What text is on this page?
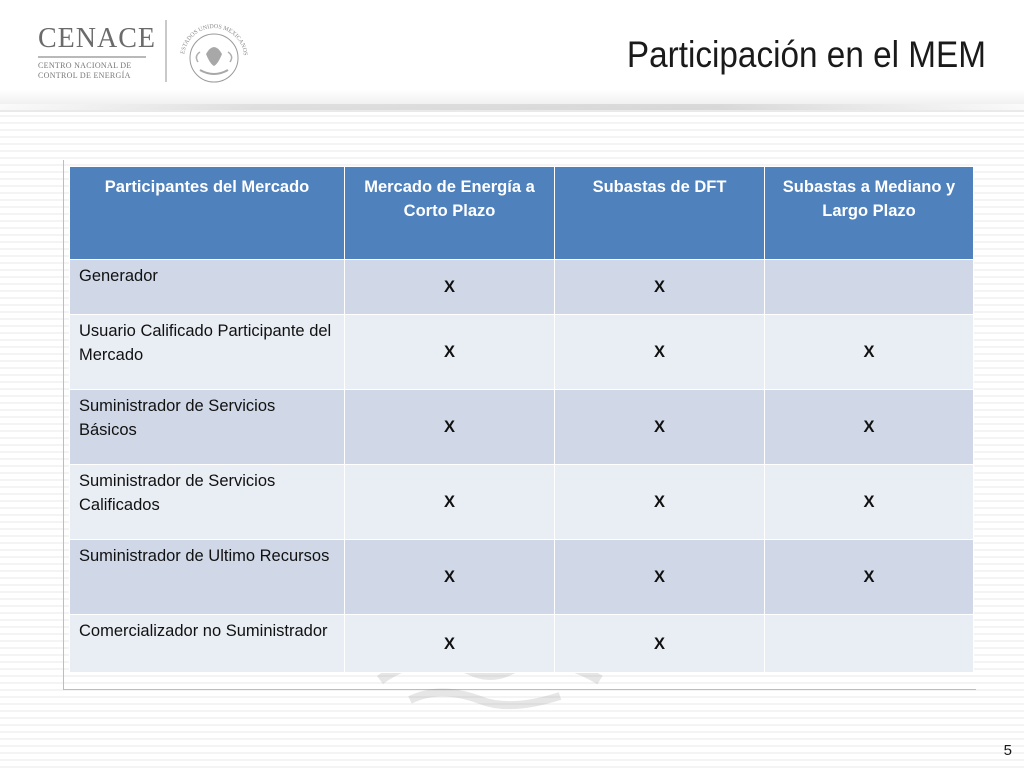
CENACE
CENTRO NACIONAL DE
CONTROL DE ENERGÍA
ESTADOS UNIDOS MEXICANOS	Participación en el MEM
Participantes del Mercado	Mercado de Energía a Corto Plazo	Subastas de DFT	Subastas a Mediano y Largo Plazo
Generador	X	X	
Usuario Calificado Participante del Mercado	X	X	X
Suministrador de Servicios Básicos	X	X	X
Suministrador de Servicios Calificados	X	X	X
Suministrador de Ultimo Recursos	X	X	X
Comercializador no Suministrador	X	X	
5
